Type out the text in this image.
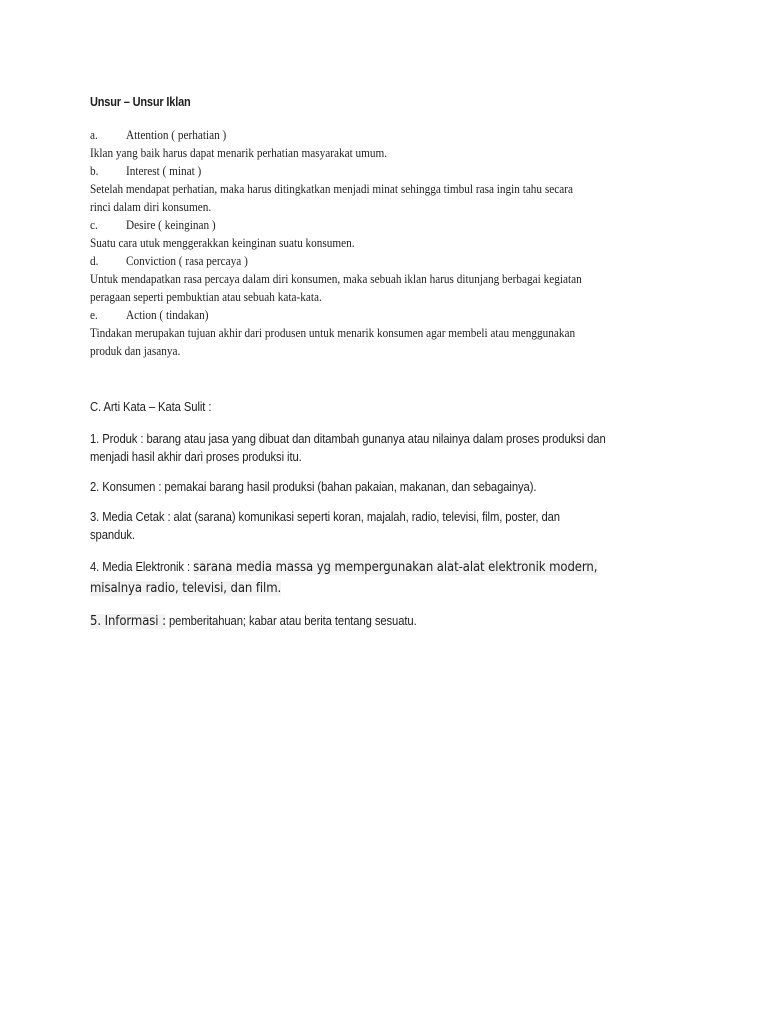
Unsur – Unsur Iklan

a.	Attention ( perhatian )

Iklan yang baik harus dapat menarik perhatian masyarakat umum.

b.	Interest ( minat )

Setelah mendapat perhatian, maka harus ditingkatkan menjadi minat sehingga timbul rasa ingin tahu secara

rinci dalam diri konsumen.

c.	Desire ( keinginan )

Suatu cara utuk menggerakkan keinginan suatu konsumen.

d.	Conviction ( rasa percaya )

Untuk mendapatkan rasa percaya dalam diri konsumen, maka sebuah iklan harus ditunjang berbagai kegiatan

peragaan seperti pembuktian atau sebuah kata-kata.

e.	Action ( tindakan)

Tindakan merupakan tujuan akhir dari produsen untuk menarik konsumen agar membeli atau menggunakan

produk dan jasanya.

C. Arti Kata – Kata Sulit :

1. Produk : barang atau jasa yang dibuat dan ditambah gunanya atau nilainya dalam proses produksi dan

menjadi hasil akhir dari proses produksi itu.

2. Konsumen : pemakai barang hasil produksi (bahan pakaian, makanan, dan sebagainya).

3. Media Cetak : alat (sarana) komunikasi seperti koran, majalah, radio, televisi, film, poster, dan

spanduk.

4. Media Elektronik : sarana media massa yg mempergunakan alat-alat elektronik modern,

misalnya radio, televisi, dan film.

5. Informasi : pemberitahuan; kabar atau berita tentang sesuatu.
